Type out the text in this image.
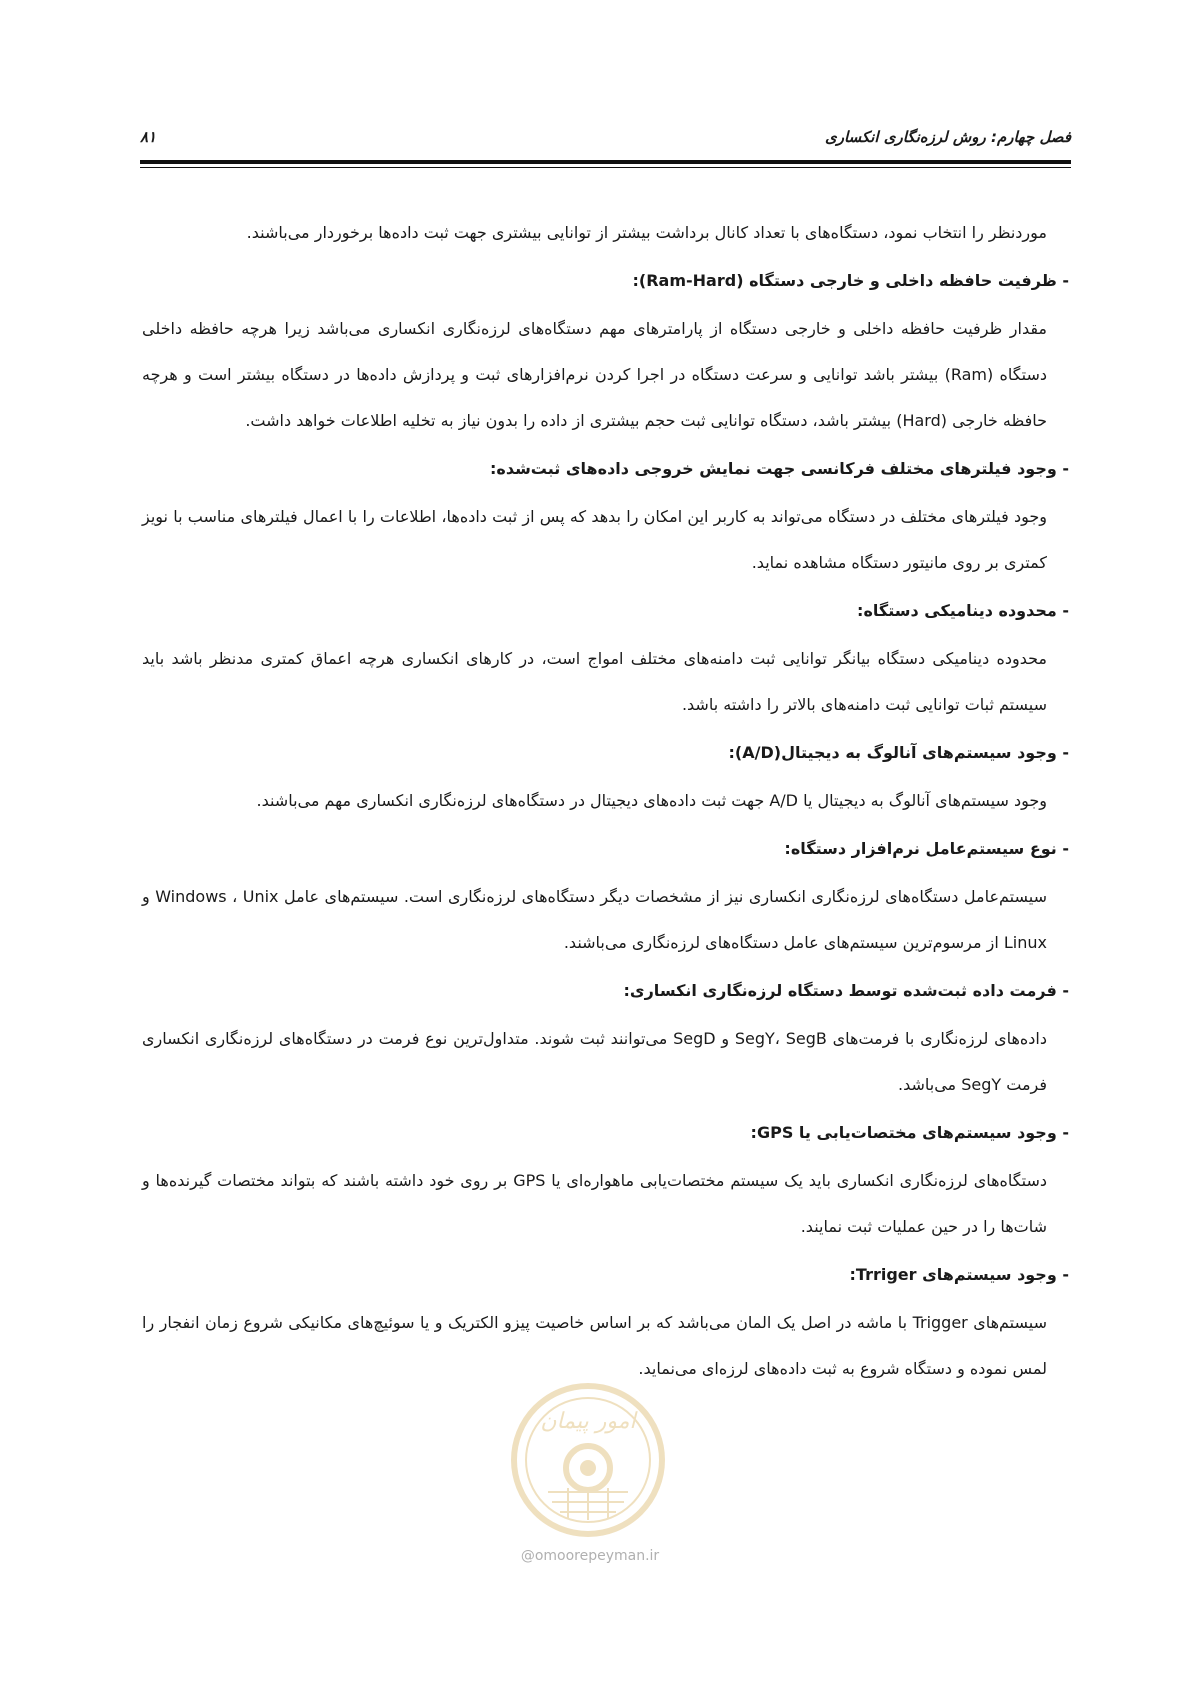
فصل چهارم: روش لرزه‌نگاری انکساری
۸۱

موردنظر را انتخاب نمود، دستگاه‌های با تعداد کانال برداشت بیشتر از توانایی بیشتری جهت ثبت داده‌ها برخوردار می‌باشند.

- ظرفیت حافظه داخلی و خارجی دستگاه (Ram-Hard):

مقدار ظرفیت حافظه داخلی و خارجی دستگاه از پارامترهای مهم دستگاه‌های لرزه‌نگاری انکساری می‌باشد زیرا هرچه حافظه داخلی دستگاه (Ram) بیشتر باشد توانایی و سرعت دستگاه در اجرا کردن نرم‌افزارهای ثبت و پردازش داده‌ها در دستگاه بیشتر است و هرچه حافظه خارجی (Hard) بیشتر باشد، دستگاه توانایی ثبت حجم بیشتری از داده را بدون نیاز به تخلیه اطلاعات خواهد داشت.

- وجود فیلترهای مختلف فرکانسی جهت نمایش خروجی داده‌های ثبت‌شده:

وجود فیلترهای مختلف در دستگاه می‌تواند به کاربر این امکان را بدهد که پس از ثبت داده‌ها، اطلاعات را با اعمال فیلترهای مناسب با نویز کمتری بر روی مانیتور دستگاه مشاهده نماید.

- محدوده دینامیکی دستگاه:

محدوده دینامیکی دستگاه بیانگر توانایی ثبت دامنه‌های مختلف امواج است، در کارهای انکساری هرچه اعماق کمتری مدنظر باشد باید سیستم ثبات توانایی ثبت دامنه‌های بالاتر را داشته باشد.

- وجود سیستم‌های آنالوگ به دیجیتال(A/D):

وجود سیستم‌های آنالوگ به دیجیتال یا A/D جهت ثبت داده‌های دیجیتال در دستگاه‌های لرزه‌نگاری انکساری مهم می‌باشند.

- نوع سیستم‌عامل نرم‌افزار دستگاه:

سیستم‌عامل دستگاه‌های لرزه‌نگاری انکساری نیز از مشخصات دیگر دستگاه‌های لرزه‌نگاری است. سیستم‌های عامل Windows ، Unix و Linux از مرسوم‌ترین سیستم‌های عامل دستگاه‌های لرزه‌نگاری می‌باشند.

- فرمت داده ثبت‌شده توسط دستگاه لرزه‌نگاری انکساری:

داده‌های لرزه‌نگاری با فرمت‌های SegY، SegB و SegD می‌توانند ثبت شوند. متداول‌ترین نوع فرمت در دستگاه‌های لرزه‌نگاری انکساری فرمت SegY می‌باشد.

- وجود سیستم‌های مختصات‌یابی یا GPS:

دستگاه‌های لرزه‌نگاری انکساری باید یک سیستم مختصات‌یابی ماهواره‌ای یا GPS بر روی خود داشته باشند که بتواند مختصات گیرنده‌ها و شات‌ها را در حین عملیات ثبت نمایند.

- وجود سیستم‌های Trriger:

سیستم‌های Trigger با ماشه در اصل یک المان می‌باشد که بر اساس خاصیت پیزو الکتریک و یا سوئیچ‌های مکانیکی شروع زمان انفجار را لمس نموده و دستگاه شروع به ثبت داده‌های لرزه‌ای می‌نماید.

امور پیمان
@omoorepeyman.ir
